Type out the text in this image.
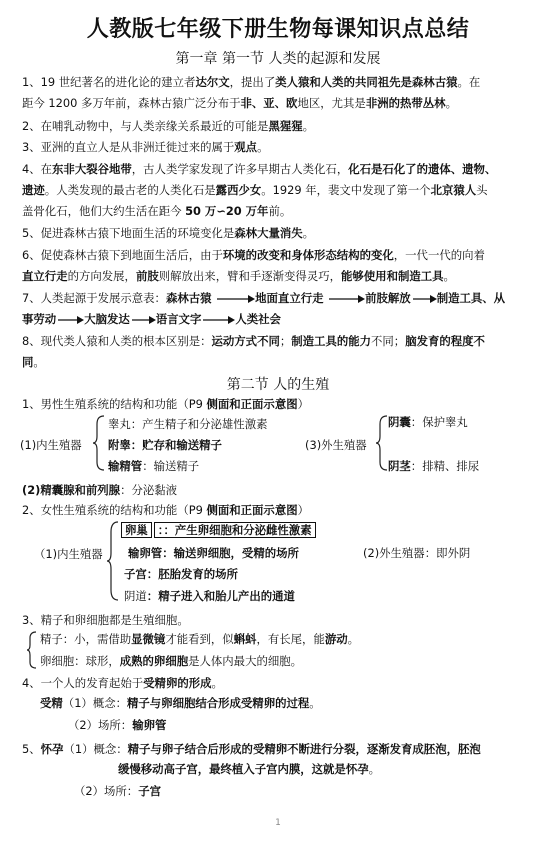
人教版七年级下册生物每课知识点总结
第一章 第一节 人类的起源和发展
1、19 世纪著名的进化论的建立者达尔文，提出了类人猿和人类的共同祖先是森林古猿。在
距今 1200 多万年前，森林古猿广泛分布于非、亚、欧地区，尤其是非洲的热带丛林。
2、在哺乳动物中，与人类亲缘关系最近的可能是黑猩猩。
3、亚洲的直立人是从非洲迁徙过来的属于观点。
4、在东非大裂谷地带，古人类学家发现了许多早期古人类化石，化石是石化了的遗体、遗物、
遗迹。人类发现的最古老的人类化石是露西少女。1929 年，裴文中发现了第一个北京猿人头
盖骨化石，他们大约生活在距今 50 万∽20 万年前。
5、促进森林古猿下地面生活的环境变化是森林大量消失。
6、促使森林古猿下到地面生活后，由于环境的改变和身体形态结构的变化，一代一代的向着
直立行走的方向发展，前肢则解放出来，臂和手逐渐变得灵巧，能够使用和制造工具。
7、人类起源于发展示意表：森林古猿	地面直立行走	前肢解放 制造工具、从
事劳动 大脑发达 语言文字	人类社会
8、现代类人猿和人类的根本区别是：运动方式不同；制造工具的能力不同；脑发育的程度不
同。
第二节 人的生殖
1、男性生殖系统的结构和功能（P9 侧面和正面示意图）
(1)内生殖器
睾丸：产生精子和分泌雄性激素
附睾：贮存和输送精子
输精管：输送精子
(3)外生殖器
阴囊：保护睾丸
阴茎：排精、排尿
(2)精囊腺和前列腺：分泌黏液
2、女性生殖系统的结构和功能（P9 侧面和正面示意图）
（1)内生殖器
卵巢 ：：产生卵细胞和分泌雌性激素
输卵管：输送卵细胞，受精的场所
子宫：胚胎发育的场所
阴道：精子进入和胎儿产出的通道
(2)外生殖器：即外阴
3、精子和卵细胞都是生殖细胞。
精子：小，需借助显微镜才能看到，似蝌蚪，有长尾，能游动。
卵细胞：球形，成熟的卵细胞是人体内最大的细胞。
4、一个人的发育起始于受精卵的形成。
受精（1）概念：精子与卵细胞结合形成受精卵的过程。
（2）场所：输卵管
5、怀孕（1）概念：精子与卵子结合后形成的受精卵不断进行分裂，逐渐发育成胚泡，胚泡
缓慢移动高子宫，最终植入子宫内膜，这就是怀孕。
（2）场所：子宫
1
